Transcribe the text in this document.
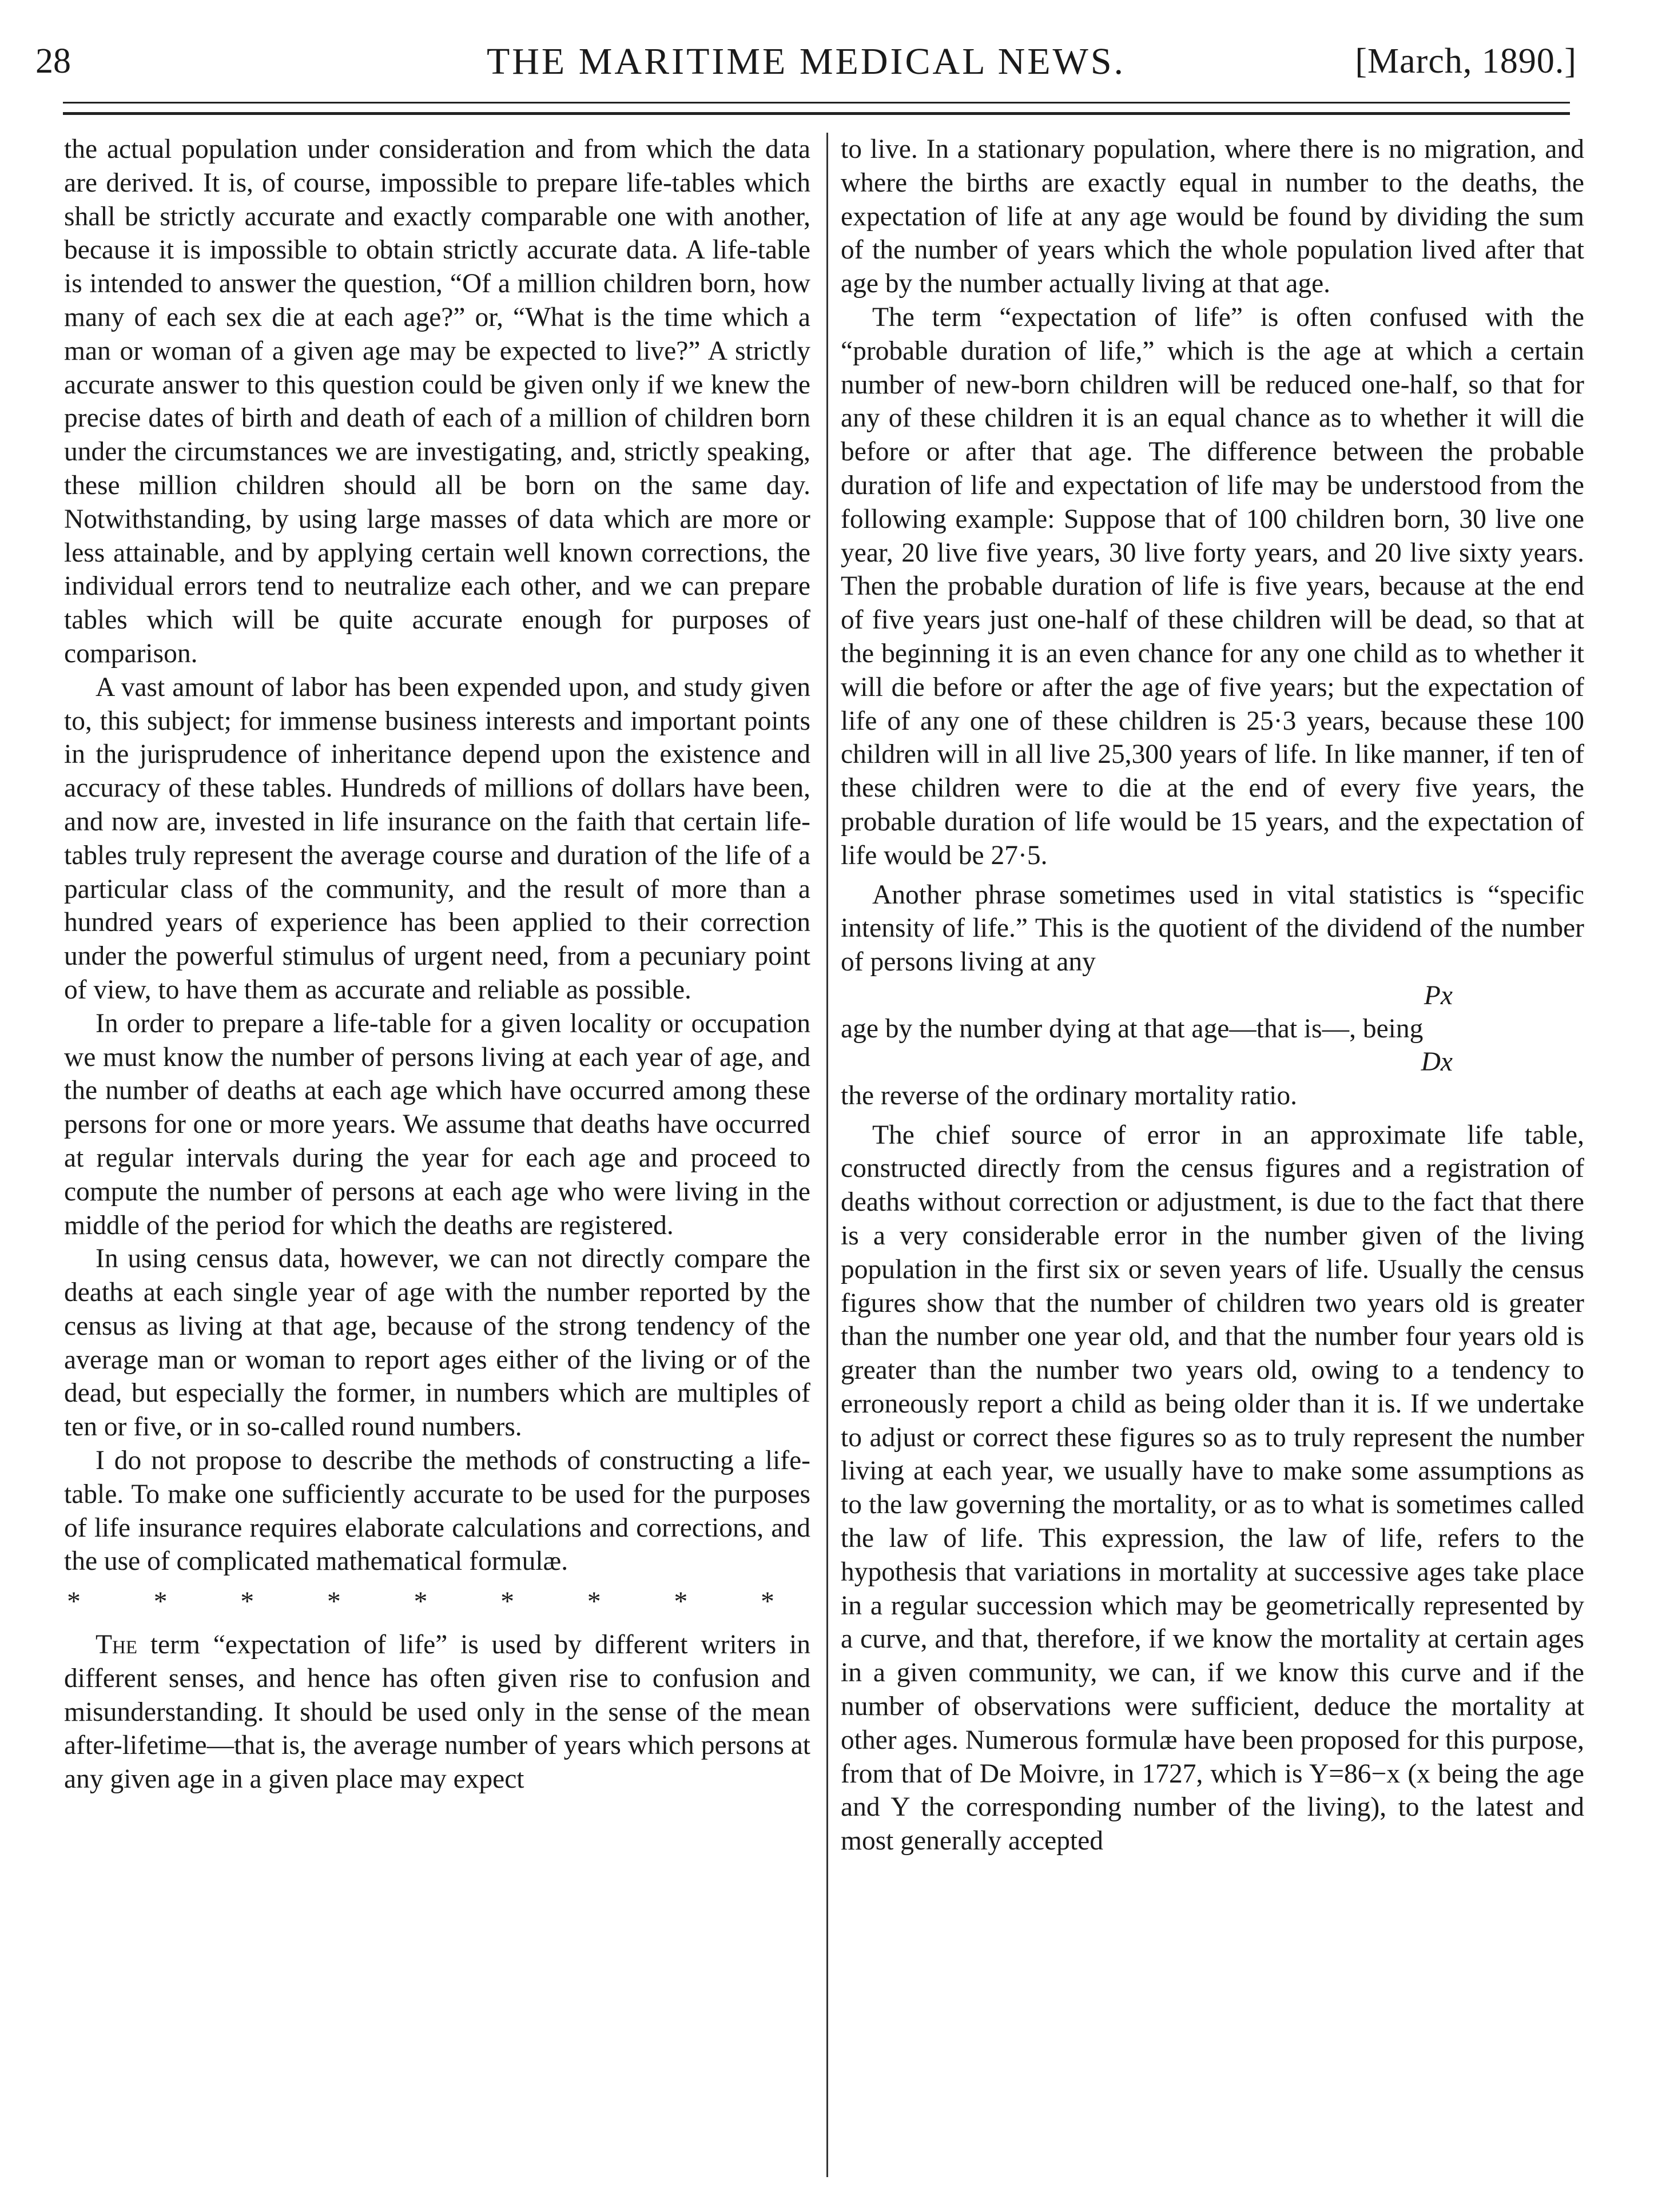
28	THE MARITIME MEDICAL NEWS.	[March, 1890.]

the actual population under consideration and from which the data are derived. It is, of course, impossible to prepare life-tables which shall be strictly accurate and exactly comparable one with another, because it is impossible to obtain strictly accurate data. A life-table is intended to answer the question, “Of a million children born, how many of each sex die at each age?” or, “What is the time which a man or woman of a given age may be expected to live?” A strictly accurate answer to this question could be given only if we knew the precise dates of birth and death of each of a million of children born under the circumstances we are investigating, and, strictly speaking, these million children should all be born on the same day. Notwithstanding, by using large masses of data which are more or less attainable, and by applying certain well known corrections, the individual errors tend to neutralize each other, and we can prepare tables which will be quite accurate enough for purposes of comparison.

A vast amount of labor has been expended upon, and study given to, this subject; for immense business interests and important points in the jurisprudence of inheritance depend upon the existence and accuracy of these tables. Hundreds of millions of dollars have been, and now are, invested in life insurance on the faith that certain life-tables truly represent the average course and duration of the life of a particular class of the community, and the result of more than a hundred years of experience has been applied to their correction under the powerful stimulus of urgent need, from a pecuniary point of view, to have them as accurate and reliable as possible.

In order to prepare a life-table for a given locality or occupation we must know the number of persons living at each year of age, and the number of deaths at each age which have occurred among these persons for one or more years. We assume that deaths have occurred at regular intervals during the year for each age and proceed to compute the number of persons at each age who were living in the middle of the period for which the deaths are registered.

In using census data, however, we can not directly compare the deaths at each single year of age with the number reported by the census as living at that age, because of the strong tendency of the average man or woman to report ages either of the living or of the dead, but especially the former, in numbers which are multiples of ten or five, or in so-called round numbers.

I do not propose to describe the methods of constructing a life-table. To make one sufficiently accurate to be used for the purposes of life insurance requires elaborate calculations and corrections, and the use of complicated mathematical formulæ.

* * * * * * * * *

The term “expectation of life” is used by different writers in different senses, and hence has often given rise to confusion and misunderstanding. It should be used only in the sense of the mean after-lifetime—that is, the average number of years which persons at any given age in a given place may expect

to live. In a stationary population, where there is no migration, and where the births are exactly equal in number to the deaths, the expectation of life at any age would be found by dividing the sum of the number of years which the whole population lived after that age by the number actually living at that age.

The term “expectation of life” is often confused with the “probable duration of life,” which is the age at which a certain number of new-born children will be reduced one-half, so that for any of these children it is an equal chance as to whether it will die before or after that age. The difference between the probable duration of life and expectation of life may be understood from the following example: Suppose that of 100 children born, 30 live one year, 20 live five years, 30 live forty years, and 20 live sixty years. Then the probable duration of life is five years, because at the end of five years just one-half of these children will be dead, so that at the beginning it is an even chance for any one child as to whether it will die before or after the age of five years; but the expectation of life of any one of these children is 25·3 years, because these 100 children will in all live 25,300 years of life. In like manner, if ten of these children were to die at the end of every five years, the probable duration of life would be 15 years, and the expectation of life would be 27·5.

Another phrase sometimes used in vital statistics is “specific intensity of life.” This is the quotient of the dividend of the number of persons living at any

Px
age by the number dying at that age—that is—, being
Dx

the reverse of the ordinary mortality ratio.

The chief source of error in an approximate life table, constructed directly from the census figures and a registration of deaths without correction or adjustment, is due to the fact that there is a very considerable error in the number given of the living population in the first six or seven years of life. Usually the census figures show that the number of children two years old is greater than the number one year old, and that the number four years old is greater than the number two years old, owing to a tendency to erroneously report a child as being older than it is. If we undertake to adjust or correct these figures so as to truly represent the number living at each year, we usually have to make some assumptions as to the law governing the mortality, or as to what is sometimes called the law of life. This expression, the law of life, refers to the hypothesis that variations in mortality at successive ages take place in a regular succession which may be geometrically represented by a curve, and that, therefore, if we know the mortality at certain ages in a given community, we can, if we know this curve and if the number of observations were sufficient, deduce the mortality at other ages. Numerous formulæ have been proposed for this purpose, from that of De Moivre, in 1727, which is Y=86−x (x being the age and Y the corresponding number of the living), to the latest and most generally accepted
